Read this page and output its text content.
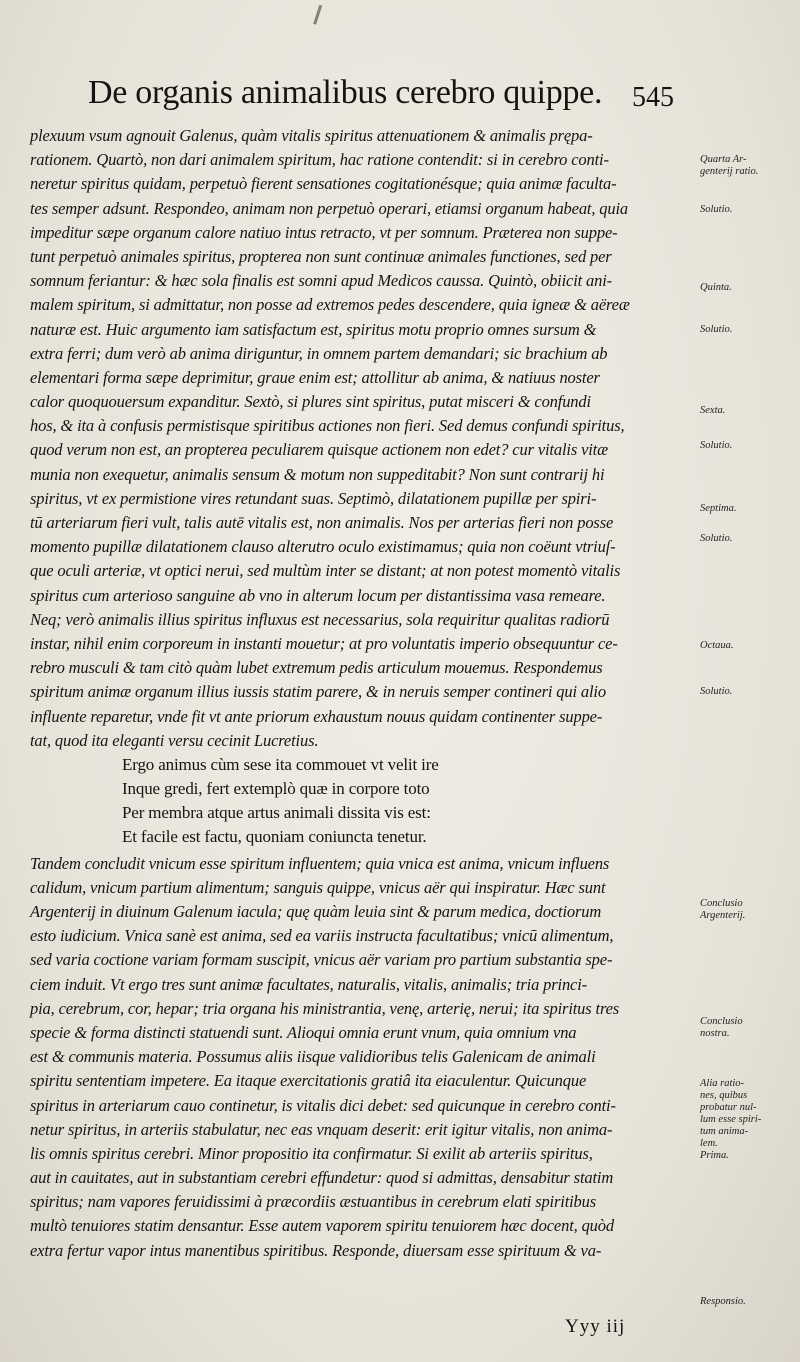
De organis animalibus cerebro quippe. 545
plexuum vsum agnouit Galenus, quàm vitalis spiritus attenuationem & animalis prępa-
rationem. Quartò, non dari animalem spiritum, hac ratione contendit: si in cerebro conti-
neretur spiritus quidam, perpetuò fierent sensationes cogitationésque; quia animæ faculta-
tes semper adsunt. Respondeo, animam non perpetuò operari, etiamsi organum habeat, quia
impeditur sæpe organum calore natiuo intus retracto, vt per somnum. Præterea non suppe-
tunt perpetuò animales spiritus, propterea non sunt continuæ animales functiones, sed per
somnum feriantur: & hæc sola finalis est somni apud Medicos caussa. Quintò, obiicit ani-
malem spiritum, si admittatur, non posse ad extremos pedes descendere, quia igneæ & aëreæ
naturæ est. Huic argumento iam satisfactum est, spiritus motu proprio omnes sursum &
extra ferri; dum verò ab anima diriguntur, in omnem partem demandari; sic brachium ab
elementari forma sæpe deprimitur, graue enim est; attollitur ab anima, & natiuus noster
calor quoquouersum expanditur. Sextò, si plures sint spiritus, putat misceri & confundi
hos, & ita à confusis permistisque spiritibus actiones non fieri. Sed demus confundi spiritus,
quod verum non est, an propterea peculiarem quisque actionem non edet? cur vitalis vitæ
munia non exequetur, animalis sensum & motum non suppeditabit? Non sunt contrarij hi
spiritus, vt ex permistione vires retundant suas. Septimò, dilatationem pupillæ per spiri-
tū arteriarum fieri vult, talis autē vitalis est, non animalis. Nos per arterias fieri non posse
momento pupillæ dilatationem clauso alterutro oculo existimamus; quia non coëunt vtriuſ-
que oculi arteriæ, vt optici nerui, sed multùm inter se distant; at non potest momentò vitalis
spiritus cum arterioso sanguine ab vno in alterum locum per distantissima vasa remeare.
Neq; verò animalis illius spiritus influxus est necessarius, sola requiritur qualitas radiorū
instar, nihil enim corporeum in instanti mouetur; at pro voluntatis imperio obsequuntur ce-
rebro musculi & tam citò quàm lubet extremum pedis articulum mouemus. Respondemus
spiritum animæ organum illius iussis statim parere, & in neruis semper contineri qui alio
influente reparetur, vnde fit vt ante priorum exhaustum nouus quidam continenter suppe-
tat, quod ita eleganti versu cecinit Lucretius.
Ergo animus cùm sese ita commouet vt velit ire
Inque gredi, fert extemplò quæ in corpore toto
Per membra atque artus animali dissita vis est:
Et facile est factu, quoniam coniuncta tenetur.
Tandem concludit vnicum esse spiritum influentem; quia vnica est anima, vnicum influens
calidum, vnicum partium alimentum; sanguis quippe, vnicus aër qui inspiratur. Hæc sunt
Argenterij in diuinum Galenum iacula; quę quàm leuia sint & parum medica, doctiorum
esto iudicium. Vnica sanè est anima, sed ea variis instructa facultatibus; vnicū alimentum,
sed varia coctione variam formam suscipit, vnicus aër variam pro partium substantia spe-
ciem induit. Vt ergo tres sunt animæ facultates, naturalis, vitalis, animalis; tria princi-
pia, cerebrum, cor, hepar; tria organa his ministrantia, venę, arterię, nerui; ita spiritus tres
specie & forma distincti statuendi sunt. Alioqui omnia erunt vnum, quia omnium vna
est & communis materia. Possumus aliis iisque validioribus telis Galenicam de animali
spiritu sententiam impetere. Ea itaque exercitationis gratiâ ita eiaculentur. Quicunque
spiritus in arteriarum cauo continetur, is vitalis dici debet: sed quicunque in cerebro conti-
netur spiritus, in arteriis stabulatur, nec eas vnquam deserit: erit igitur vitalis, non anima-
lis omnis spiritus cerebri. Minor propositio ita confirmatur. Si exilit ab arteriis spiritus,
aut in cauitates, aut in substantiam cerebri effundetur: quod si admittas, densabitur statim
spiritus; nam vapores feruidissimi à præcordiis æstuantibus in cerebrum elati spiritibus
multò tenuiores statim densantur. Esse autem vaporem spiritu tenuiorem hæc docent, quòd
extra fertur vapor intus manentibus spiritibus. Responde, diuersam esse spirituum & va-
Quarta Ar-
genterij ratio.
Solutio.
Quinta.
Solutio.
Sexta.
Solutio.
Septima.
Solutio.
Octaua.
Solutio.
Conclusio
Argenterij.
Conclusio
nostra.
Alia ratio-
nes, quibus
probatur nul-
lum esse spiri-
tum anima-
lem.
Prima.
Responsio.
Yyy iij
